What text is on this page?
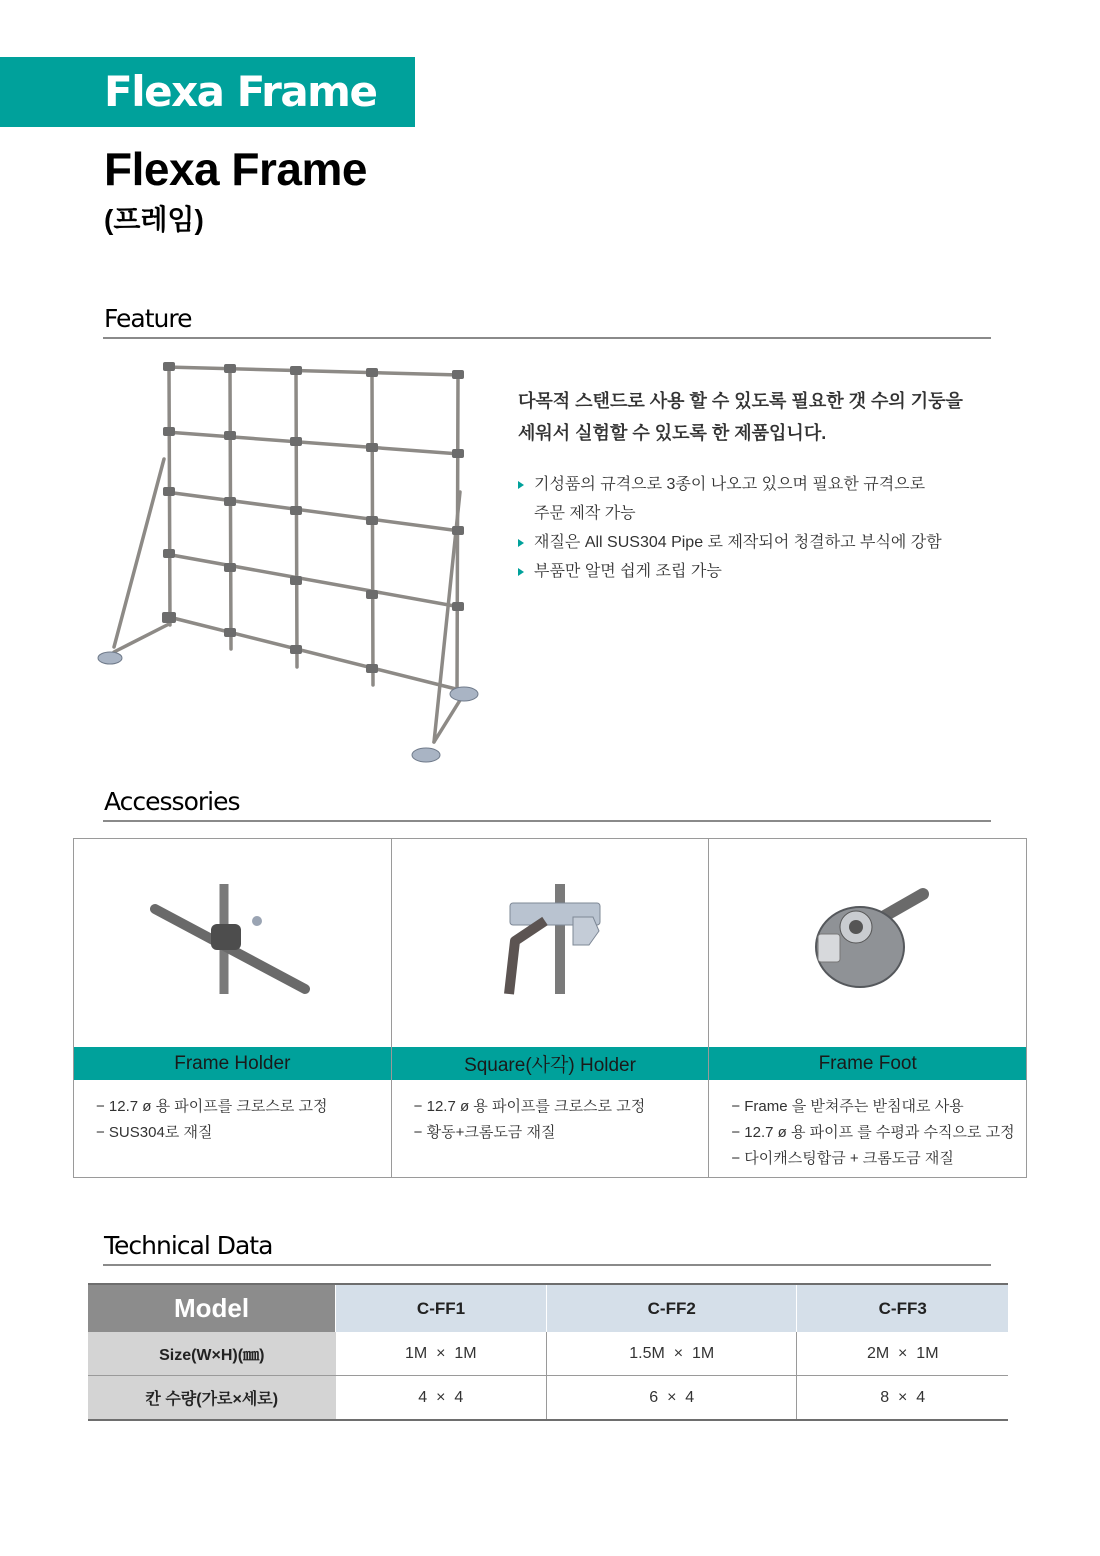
Flexa Frame
Flexa Frame
(프레임)
Feature
다목적 스탠드로 사용 할 수 있도록 필요한 갯 수의 기둥을
세워서 실험할 수 있도록 한 제품입니다.
기성품의 규격으로 3종이 나오고 있으며 필요한 규격으로
주문 제작 가능
재질은 All SUS304 Pipe 로 제작되어 청결하고 부식에 강함
부품만 알면 쉽게 조립 가능
Accessories
Frame Holder
− 12.7 ø 용 파이프를 크로스로 고정
− SUS304로 재질
Square(사각) Holder
− 12.7 ø 용 파이프를 크로스로 고정
− 황동+크롬도금 재질
Frame Foot
− Frame 을 받쳐주는 받침대로 사용
− 12.7 ø 용 파이프 를 수평과 수직으로 고정
− 다이캐스팅합금 + 크롬도금 재질
Technical Data
Model	C-FF1	C-FF2	C-FF3
Size(W×H)(㎜)	1M  ×  1M	1.5M  ×  1M	2M  ×  1M
칸 수량(가로×세로)	4  ×  4	6  ×  4	8  ×  4
